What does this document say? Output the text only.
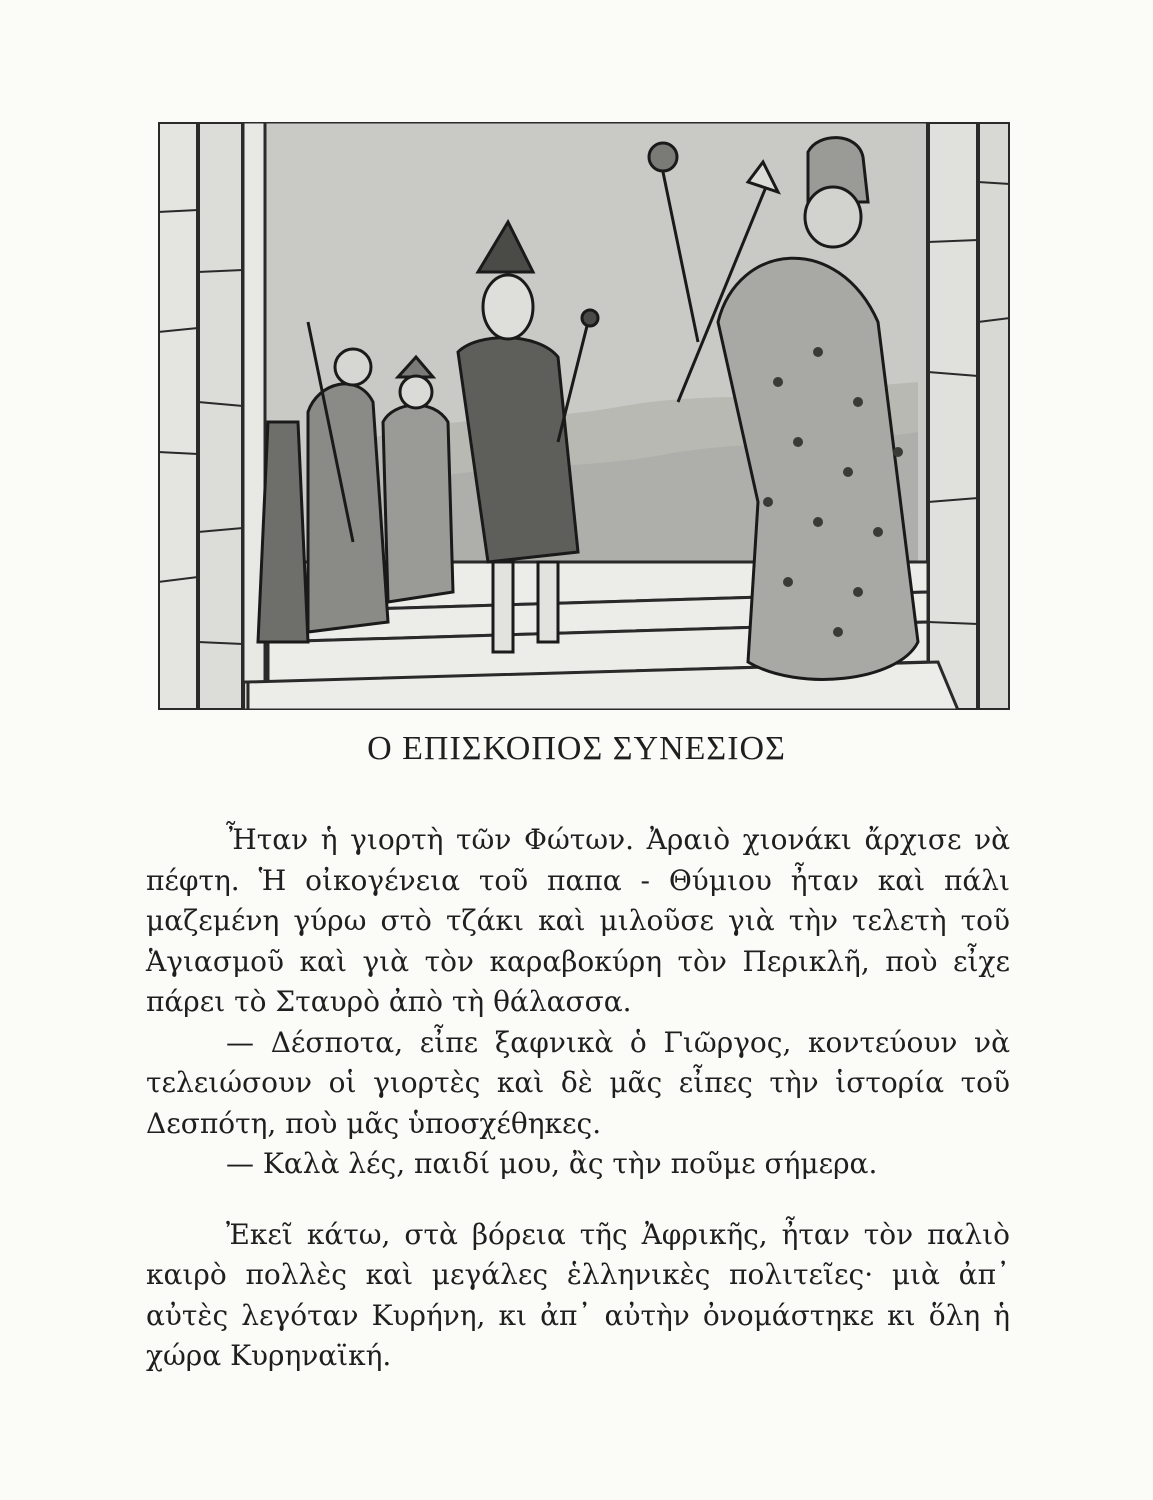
Ο ΕΠΙΣΚΟΠΟΣ ΣΥΝΕΣΙΟΣ

Ἦταν ἡ γιορτὴ τῶν Φώτων. Ἀραιὸ χιονάκι ἄρχισε νὰ πέφτη. Ἡ οἰκογένεια τοῦ παπα - Θύμιου ἦταν καὶ πάλι μαζεμένη γύρω στὸ τζάκι καὶ μιλοῦσε γιὰ τὴν τελετὴ τοῦ Ἁγιασμοῦ καὶ γιὰ τὸν καραβοκύρη τὸν Περικλῆ, ποὺ εἶχε πάρει τὸ Σταυρὸ ἀπὸ τὴ θάλασσα.

— Δέσποτα, εἶπε ξαφνικὰ ὁ Γιῶργος, κοντεύουν νὰ τελειώσουν οἱ γιορτὲς καὶ δὲ μᾶς εἶπες τὴν ἱστορία τοῦ Δεσπότη, ποὺ μᾶς ὑποσχέθηκες.

— Καλὰ λές, παιδί μου, ἂς τὴν ποῦμε σήμερα.

Ἐκεῖ κάτω, στὰ βόρεια τῆς Ἀφρικῆς, ἦταν τὸν παλιὸ καιρὸ πολλὲς καὶ μεγάλες ἑλληνικὲς πολιτεῖες· μιὰ ἀπ᾽ αὐτὲς λεγόταν Κυρήνη, κι ἀπ᾽ αὐτὴν ὀνομάστηκε κι ὅλη ἡ χώρα Κυρηναϊκή.
